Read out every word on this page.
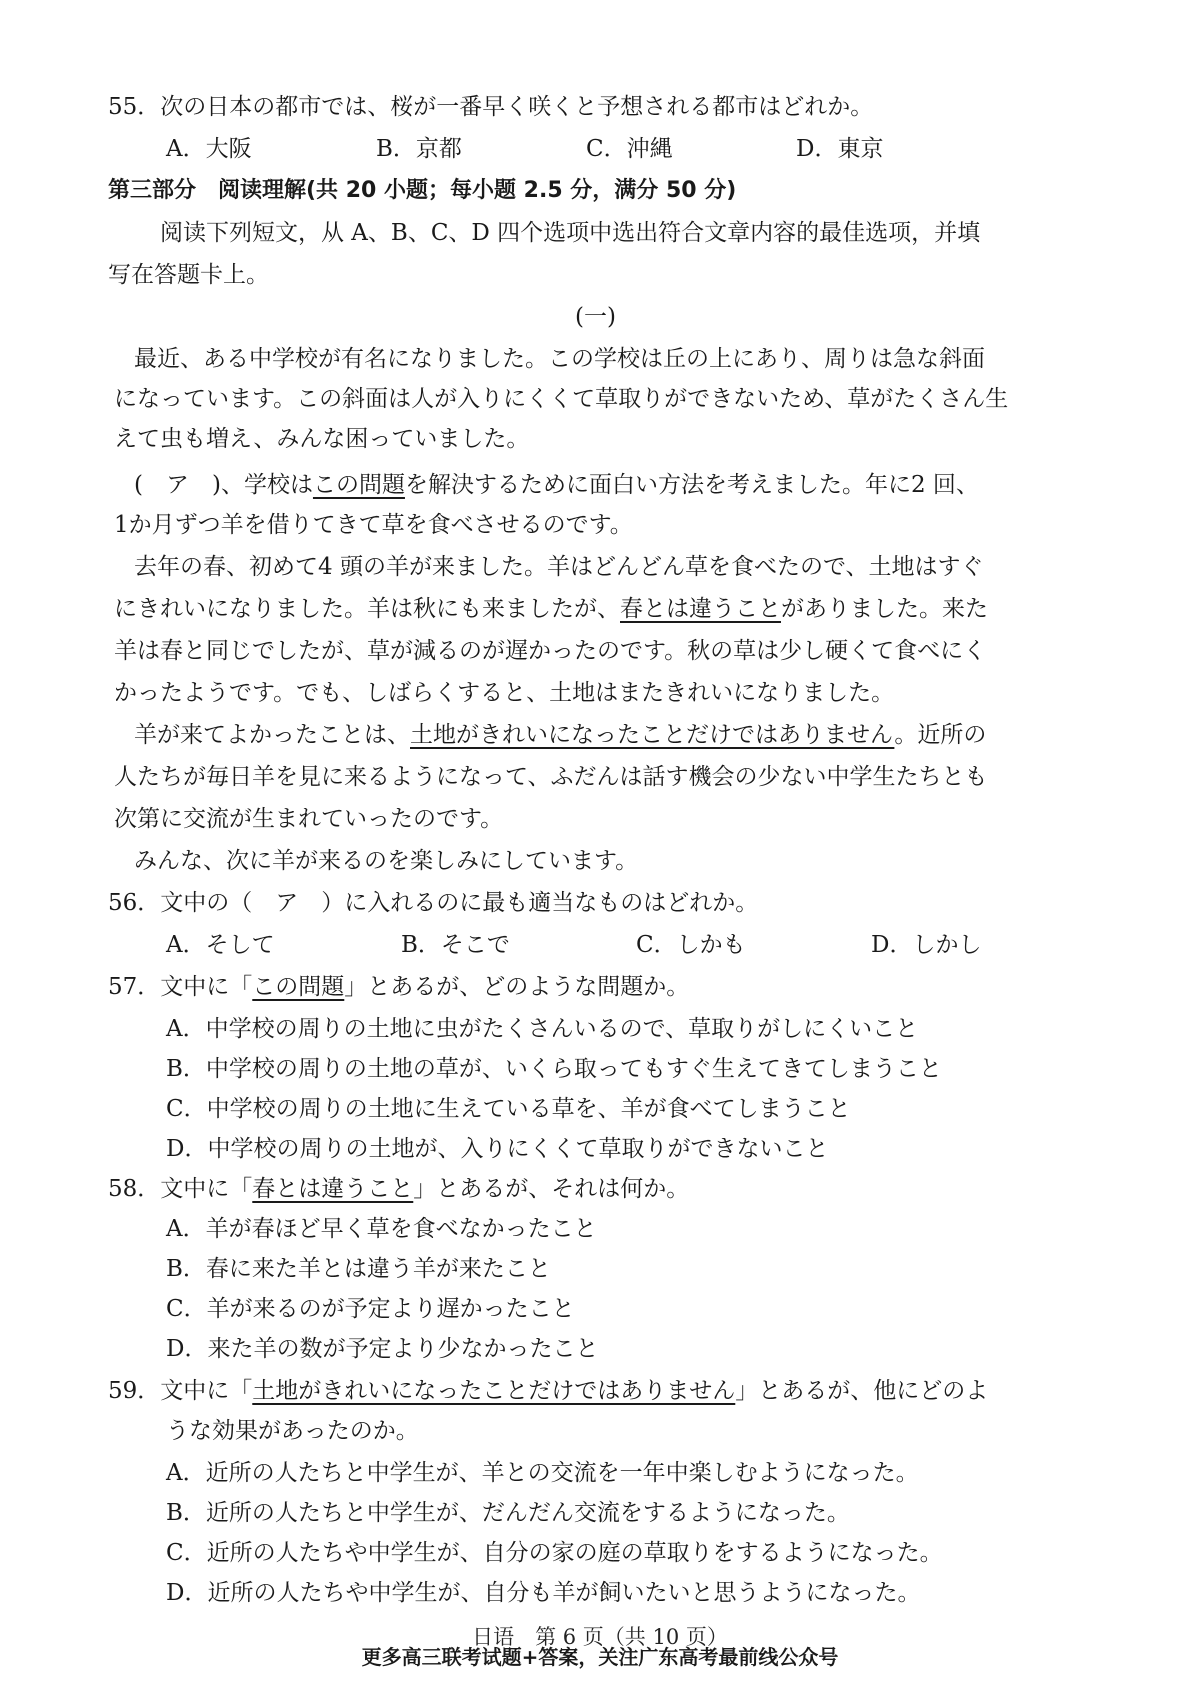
55．次の日本の都市では、桜が一番早く咲くと予想される都市はどれか。
A．大阪	B．京都	C．沖縄	D．東京
第三部分　阅读理解(共 20 小题；每小题 2.5 分，满分 50 分)
阅读下列短文，从 A、B、C、D 四个选项中选出符合文章内容的最佳选项，并填
写在答题卡上。
(一)
最近、ある中学校が有名になりました。この学校は丘の上にあり、周りは急な斜面
になっています。この斜面は人が入りにくくて草取りができないため、草がたくさん生
えて虫も増え、みんな困っていました。
(　ア　)、学校はこの問題を解決するために面白い方法を考えました。年に2 回、
1か月ずつ羊を借りてきて草を食べさせるのです。
去年の春、初めて4 頭の羊が来ました。羊はどんどん草を食べたので、土地はすぐ
にきれいになりました。羊は秋にも来ましたが、春とは違うことがありました。来た
羊は春と同じでしたが、草が減るのが遅かったのです。秋の草は少し硬くて食べにく
かったようです。でも、しばらくすると、土地はまたきれいになりました。
羊が来てよかったことは、土地がきれいになったことだけではありません。近所の
人たちが毎日羊を見に来るようになって、ふだんは話す機会の少ない中学生たちとも
次第に交流が生まれていったのです。
みんな、次に羊が来るのを楽しみにしています。
56．文中の（　ア　）に入れるのに最も適当なものはどれか。
A．そして	B．そこで	C．しかも	D．しかし
57．文中に「この問題」とあるが、どのような問題か。
A．中学校の周りの土地に虫がたくさんいるので、草取りがしにくいこと
B．中学校の周りの土地の草が、いくら取ってもすぐ生えてきてしまうこと
C．中学校の周りの土地に生えている草を、羊が食べてしまうこと
D．中学校の周りの土地が、入りにくくて草取りができないこと
58．文中に「春とは違うこと」とあるが、それは何か。
A．羊が春ほど早く草を食べなかったこと
B．春に来た羊とは違う羊が来たこと
C．羊が来るのが予定より遅かったこと
D．来た羊の数が予定より少なかったこと
59．文中に「土地がきれいになったことだけではありません」とあるが、他にどのよ
うな効果があったのか。
A．近所の人たちと中学生が、羊との交流を一年中楽しむようになった。
B．近所の人たちと中学生が、だんだん交流をするようになった。
C．近所の人たちや中学生が、自分の家の庭の草取りをするようになった。
D．近所の人たちや中学生が、自分も羊が飼いたいと思うようになった。
日语　第 6 页（共 10 页）
更多高三联考试题+答案，关注广东高考最前线公众号
